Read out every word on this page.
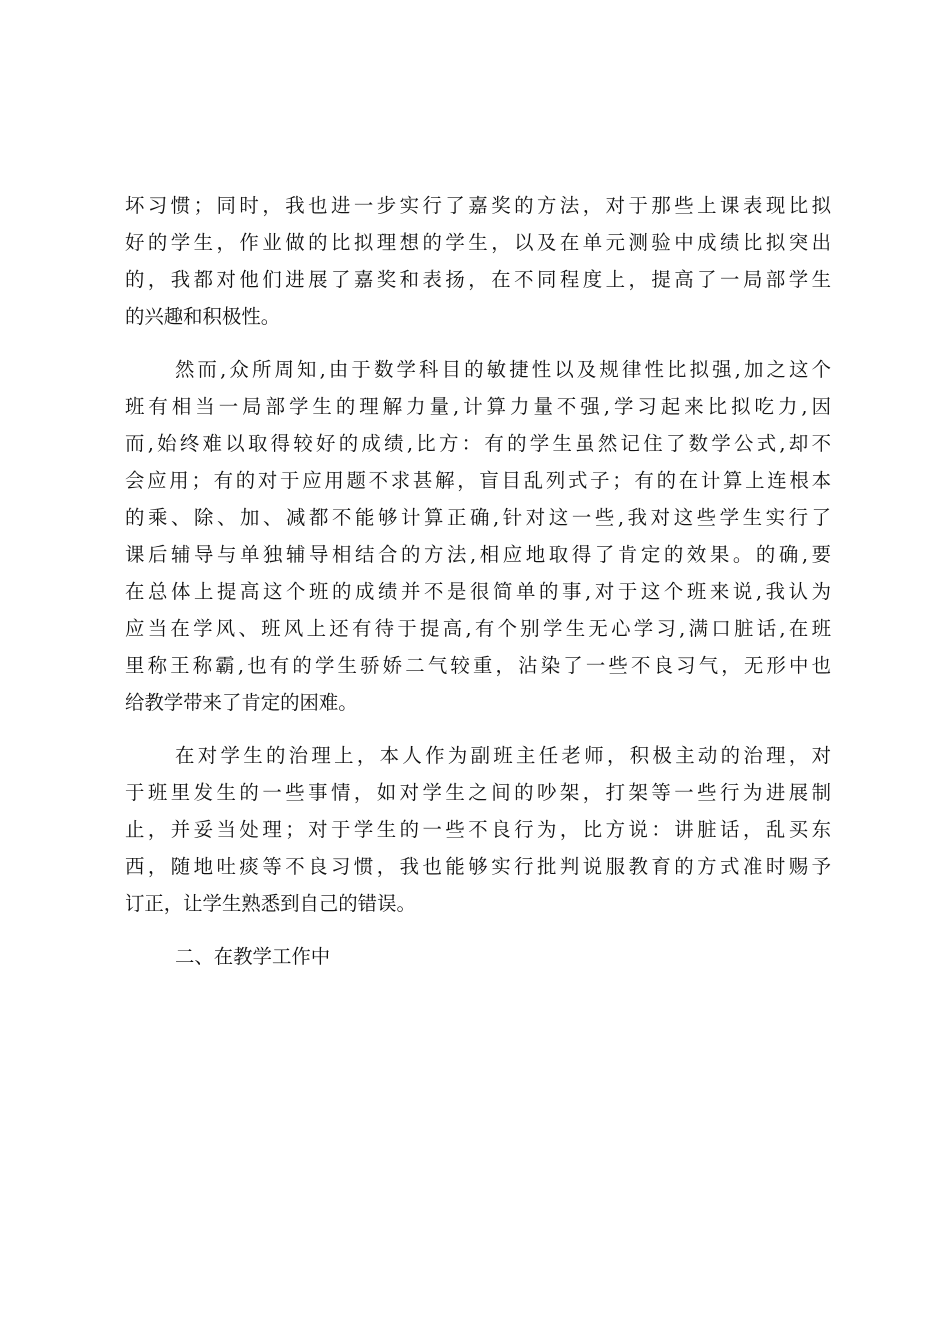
坏习惯；同时，我也进一步实行了嘉奖的方法，对于那些上课表现比拟
好的学生，作业做的比拟理想的学生，以及在单元测验中成绩比拟突出
的，我都对他们进展了嘉奖和表扬，在不同程度上，提高了一局部学生
的兴趣和积极性。
然而,众所周知,由于数学科目的敏捷性以及规律性比拟强,加之这个
班有相当一局部学生的理解力量,计算力量不强,学习起来比拟吃力,因
而,始终难以取得较好的成绩,比方：有的学生虽然记住了数学公式,却不
会应用；有的对于应用题不求甚解，盲目乱列式子；有的在计算上连根本
的乘、除、加、减都不能够计算正确,针对这一些,我对这些学生实行了
课后辅导与单独辅导相结合的方法,相应地取得了肯定的效果。的确,要
在总体上提高这个班的成绩并不是很简单的事,对于这个班来说,我认为
应当在学风、班风上还有待于提高,有个别学生无心学习,满口脏话,在班
里称王称霸,也有的学生骄娇二气较重，沾染了一些不良习气，无形中也
给教学带来了肯定的困难。
在对学生的治理上，本人作为副班主任老师，积极主动的治理，对
于班里发生的一些事情，如对学生之间的吵架，打架等一些行为进展制
止，并妥当处理；对于学生的一些不良行为，比方说：讲脏话，乱买东
西，随地吐痰等不良习惯，我也能够实行批判说服教育的方式准时赐予
订正，让学生熟悉到自己的错误。
二、在教学工作中
